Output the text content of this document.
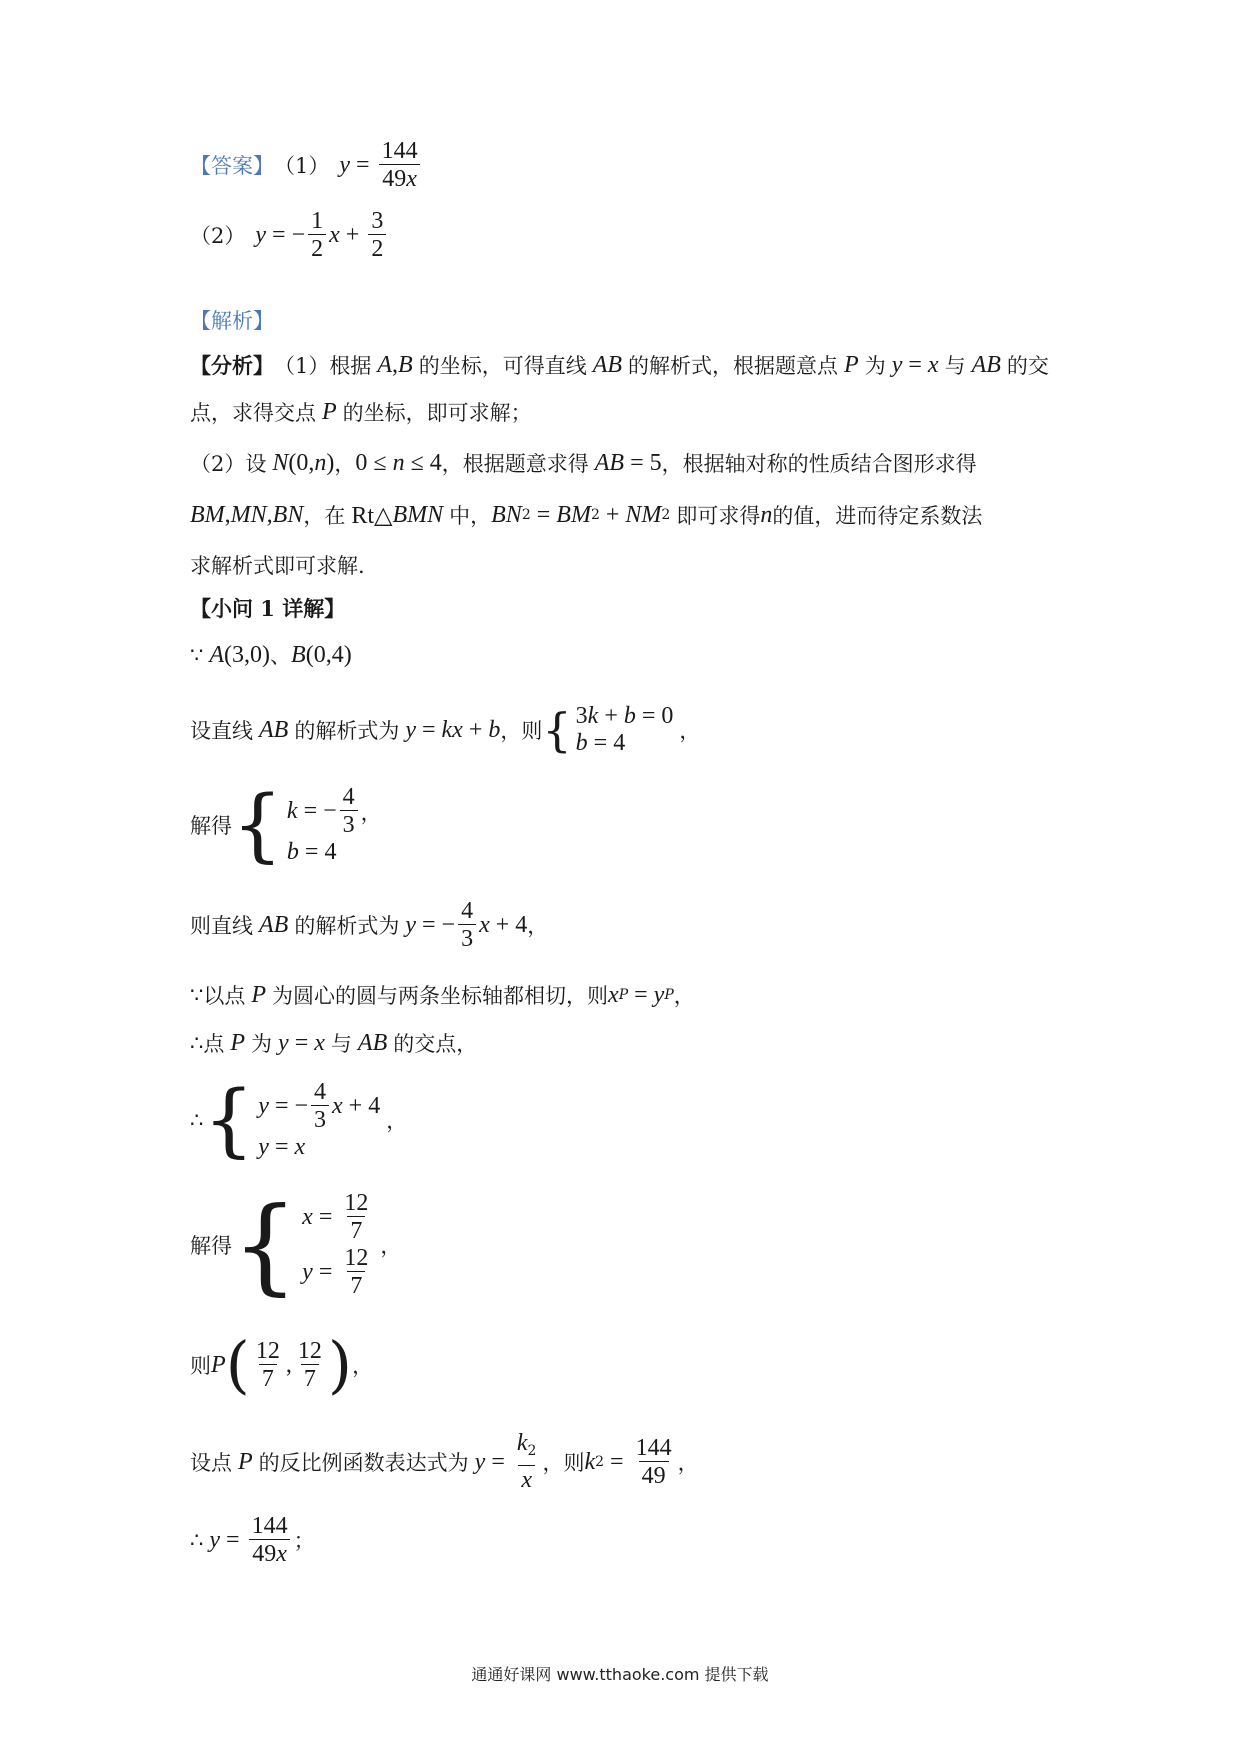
【答案】 （1） $y = \frac{144}{49x}$
（2） y = − $\frac{1}{2}$ $x + \frac{3}{2}$
【解析】
【分析】 （1）根据 A , B 的坐标，可得直线 AB 的解析式，根据题意点 P 为 y = x 与 AB 的交
点，求得交点 P 的坐标，即可求解；
（2）设 N (0, n ) ， 0 ≤ n ≤ 4 ，根据题意求得 AB = 5 ，根据轴对称的性质结合图形求得
BM , MN , BN ，在 Rt△ BMN 中， BN 2 = BM 2 + NM 2 即可求得 n 的值，进而待定系数法
求解析式即可求解.
【小问 1 详解】
∵ A (3,0) 、 B (0,4)
设直线 AB 的解析式为 y = kx + b ，则 { 3 k + b = 0
b = 4	，
解得 { k = − $\frac{4}{3}$ ，
b = 4
则直线 AB 的解析式为 y = − $\frac{4}{3}$ x + 4 ，
∵ 以点 P 为圆心的圆与两条坐标轴都相切，则 x P = y P ，
∴ 点 P 为 y = x 与 AB 的交点，
∴ { y = − $\frac{4}{3}$ x + 4
y = x
，
解得 { $x = \frac{12}{7}$
$y = \frac{12}{7}$ ，
则 P ( $\frac{12}{7}$ , $\frac{12}{7}$ ) ，
设点 P 的反比例函数表达式为 $y = \frac{k_2}{x}$ ，则 k $2 = \frac{144}{49}$ ，
∴ $y = \frac{144}{49x}$ ；
通通好课网 www.tthaoke.com 提供下载
